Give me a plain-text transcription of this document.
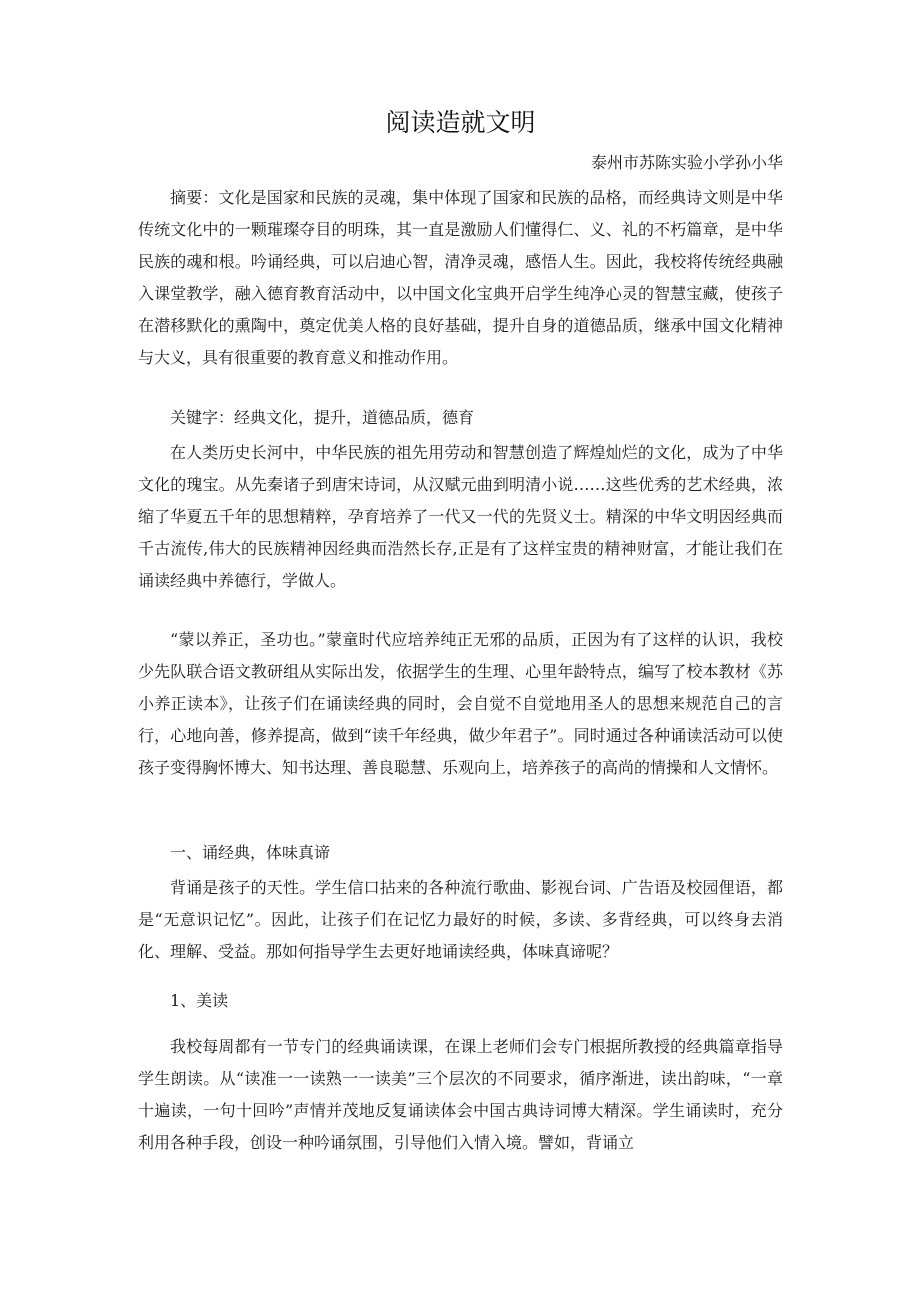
阅读造就文明
泰州市苏陈实验小学孙小华

摘要：文化是国家和民族的灵魂，集中体现了国家和民族的品格，而经典诗文则是中华传统文化中的一颗璀璨夺目的明珠，其一直是激励人们懂得仁、义、礼的不朽篇章，是中华民族的魂和根。吟诵经典，可以启迪心智，清净灵魂，感悟人生。因此，我校将传统经典融入课堂教学，融入德育教育活动中，以中国文化宝典开启学生纯净心灵的智慧宝藏，使孩子在潜移默化的熏陶中，奠定优美人格的良好基础，提升自身的道德品质，继承中国文化精神与大义，具有很重要的教育意义和推动作用。

关键字：经典文化，提升，道德品质，德育

在人类历史长河中，中华民族的祖先用劳动和智慧创造了辉煌灿烂的文化，成为了中华文化的瑰宝。从先秦诸子到唐宋诗词，从汉赋元曲到明清小说……这些优秀的艺术经典，浓缩了华夏五千年的思想精粹，孕育培养了一代又一代的先贤义士。精深的中华文明因经典而千古流传,伟大的民族精神因经典而浩然长存,正是有了这样宝贵的精神财富，才能让我们在诵读经典中养德行，学做人。

“蒙以养正，圣功也。”蒙童时代应培养纯正无邪的品质，正因为有了这样的认识，我校少先队联合语文教研组从实际出发，依据学生的生理、心里年龄特点，编写了校本教材《苏小养正读本》，让孩子们在诵读经典的同时，会自觉不自觉地用圣人的思想来规范自己的言行，心地向善，修养提高，做到“读千年经典，做少年君子”。同时通过各种诵读活动可以使孩子变得胸怀博大、知书达理、善良聪慧、乐观向上，培养孩子的高尚的情操和人文情怀。

一、诵经典，体味真谛

背诵是孩子的天性。学生信口拈来的各种流行歌曲、影视台词、广告语及校园俚语，都是“无意识记忆”。因此，让孩子们在记忆力最好的时候，多读、多背经典，可以终身去消化、理解、受益。那如何指导学生去更好地诵读经典，体味真谛呢？

1、美读

我校每周都有一节专门的经典诵读课，在课上老师们会专门根据所教授的经典篇章指导学生朗读。从“读准一一读熟一一读美”三个层次的不同要求，循序渐进，读出韵味，“一章十遍读，一句十回吟”声情并茂地反复诵读体会中国古典诗词博大精深。学生诵读时，充分利用各种手段，创设一种吟诵氛围，引导他们入情入境。譬如，背诵立
